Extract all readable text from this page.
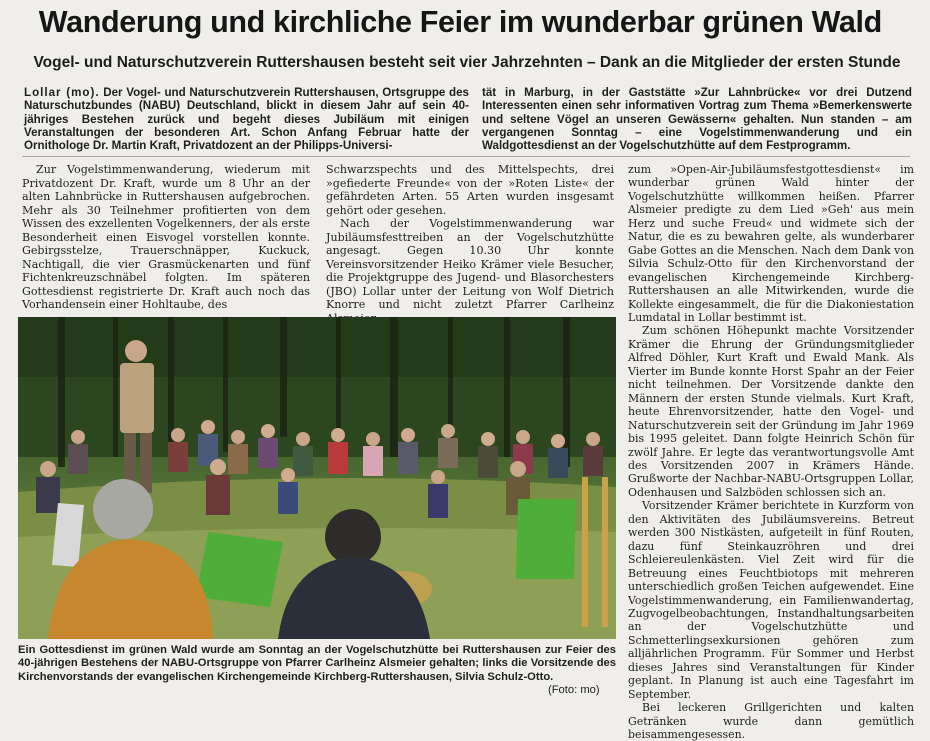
Wanderung und kirchliche Feier im wunderbar grünen Wald
Vogel- und Naturschutzverein Ruttershausen besteht seit vier Jahrzehnten – Dank an die Mitglieder der ersten Stunde
Lollar (mo). Der Vogel- und Naturschutzverein Ruttershausen, Ortsgruppe des Naturschutzbundes (NABU) Deutschland, blickt in diesem Jahr auf sein 40-jähriges Bestehen zurück und begeht dieses Jubiläum mit einigen Veranstaltungen der besonderen Art. Schon Anfang Februar hatte der Ornithologe Dr. Martin Kraft, Privatdozent an der Philipps-Universi-
tät in Marburg, in der Gaststätte »Zur Lahnbrücke« vor drei Dutzend Interessenten einen sehr informativen Vortrag zum Thema »Bemerkenswerte und seltene Vögel an unseren Gewässern« gehalten. Nun standen – am vergangenen Sonntag – eine Vogelstimmenwanderung und ein Waldgottesdienst an der Vogelschutzhütte auf dem Festprogramm.

Zur Vogelstimmenwanderung, wiederum mit Privatdozent Dr. Kraft, wurde um 8 Uhr an der alten Lahnbrücke in Ruttershausen aufgebrochen. Mehr als 30 Teilnehmer profitierten von dem Wissen des exzellenten Vogelkenners, der als erste Besonderheit einen Eisvogel vorstellen konnte. Gebirgsstelze, Trauerschnäpper, Kuckuck, Nachtigall, die vier Grasmückenarten und fünf Fichtenkreuzschnäbel folgten. Im späteren Gottesdienst registrierte Dr. Kraft auch noch das Vorhandensein einer Hohltaube, des

Schwarzspechts und des Mittelspechts, drei »gefiederte Freunde« von der »Roten Liste« der gefährdeten Arten. 55 Arten wurden insgesamt gehört oder gesehen.

Nach der Vogelstimmenwanderung war Jubiläumsfesttreiben an der Vogelschutzhütte angesagt. Gegen 10.30 Uhr konnte Vereinsvorsitzender Heiko Krämer viele Besucher, die Projektgruppe des Jugend- und Blasorchesters (JBO) Lollar unter der Leitung von Wolf Dietrich Knorre und nicht zuletzt Pfarrer Carlheinz

zum »Open-Air-Jubiläumsfestgottesdienst« im wunderbar grünen Wald hinter der Vogelschutzhütte willkommen heißen. Pfarrer Alsmeier predigte zu dem Lied »Geh' aus mein Herz und suche Freud« und widmete sich der Natur, die es zu bewahren gelte, als wunderbarer Gabe Gottes an die Menschen. Nach dem Dank von Silvia Schulz-Otto für den Kirchenvorstand der evangelischen Kirchengemeinde Kirchberg-Ruttershausen an alle Mitwirkenden, wurde die Kollekte eingesammelt, die für die Diakoniestation Lumdatal in Lollar bestimmt ist.

Zum schönen Höhepunkt machte Vorsitzender Krämer die Ehrung der Gründungsmitglieder Alfred Döhler, Kurt Kraft und Ewald Mank. Als Vierter im Bunde konnte Horst Spahr an der Feier nicht teilnehmen. Der Vorsitzende dankte den Männern der ersten Stunde vielmals. Kurt Kraft, heute Ehrenvorsitzender, hatte den Vogel- und Naturschutzverein seit der Gründung im Jahr 1969 bis 1995 geleitet. Dann folgte Heinrich Schön für zwölf Jahre. Er legte das verantwortungsvolle Amt des Vorsitzenden 2007 in Krämers Hände. Grußworte der Nachbar-NABU-Ortsgruppen Lollar, Odenhausen und Salzböden schlossen sich an.

Vorsitzender Krämer berichtete in Kurzform von den Aktivitäten des Jubiläumsvereins. Betreut werden 300 Nistkästen, aufgeteilt in fünf Routen, dazu fünf Steinkauzröhren und drei Schleiereulenkästen. Viel Zeit wird für die Betreuung eines Feuchtbiotops mit mehreren unterschiedlich großen Teichen aufgewendet. Eine Vogelstimmenwanderung, ein Familienwandertag, Zugvogelbeobachtungen, Instandhaltungsarbeiten an der Vogelschutzhütte und Schmetterlingsexkursionen gehören zum alljährlichen Programm. Für Sommer und Herbst dieses Jahres sind Veranstaltungen für Kinder geplant. In Planung ist auch eine Tagesfahrt im September.

Bei leckeren Grillgerichten und kalten Getränken wurde dann gemütlich beisammengesessen.

Ein Gottesdienst im grünen Wald wurde am Sonntag an der Vogelschutzhütte bei Ruttershausen zur Feier des 40-jährigen Bestehens der NABU-Ortsgruppe von Pfarrer Carlheinz Alsmeier gehalten; links die Vorsitzende des Kirchenvorstands der evangelischen Kirchengemeinde Kirchberg-Ruttershausen, Silvia Schulz-Otto.
(Foto: mo)
